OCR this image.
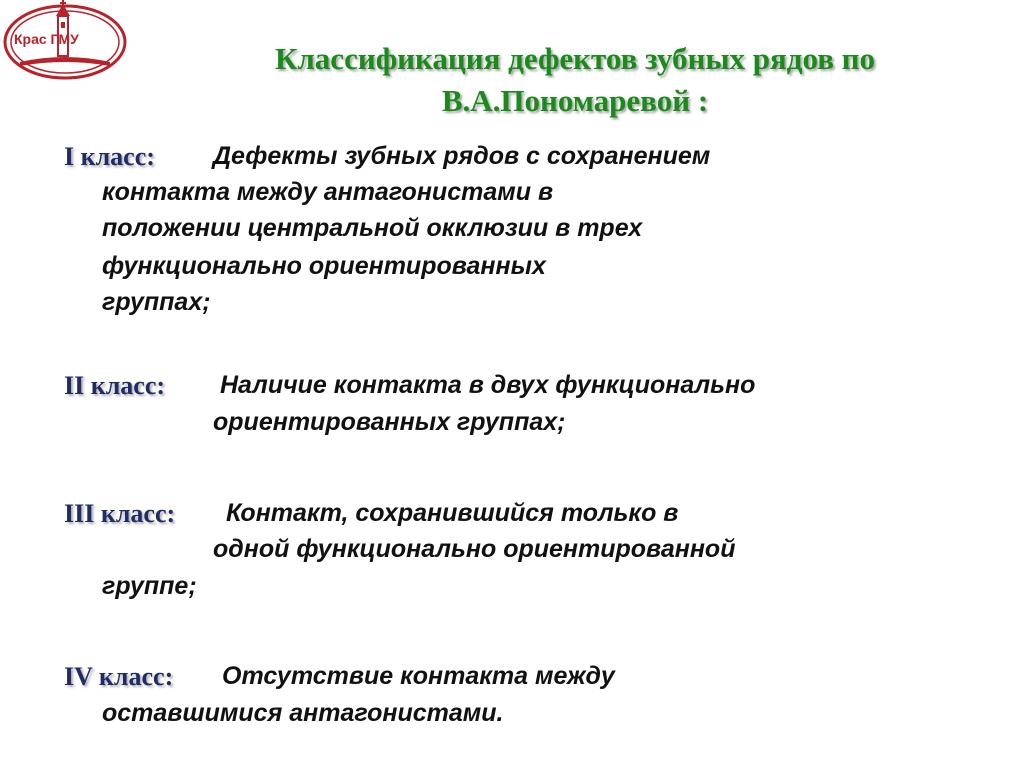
Крас ГМУ
Классификация дефектов зубных рядов по
В.А.Пономаревой :
I класс: Дефекты зубных рядов с сохранением
контакта между антагонистами в
положении центральной окклюзии в трех
функционально ориентированных
группах;
II класс: Наличие контакта в двух функционально
ориентированных группах;
III класс: Контакт, сохранившийся только в
одной функционально ориентированной
группе;
IV класс: Отсутствие контакта между
оставшимися антагонистами.
